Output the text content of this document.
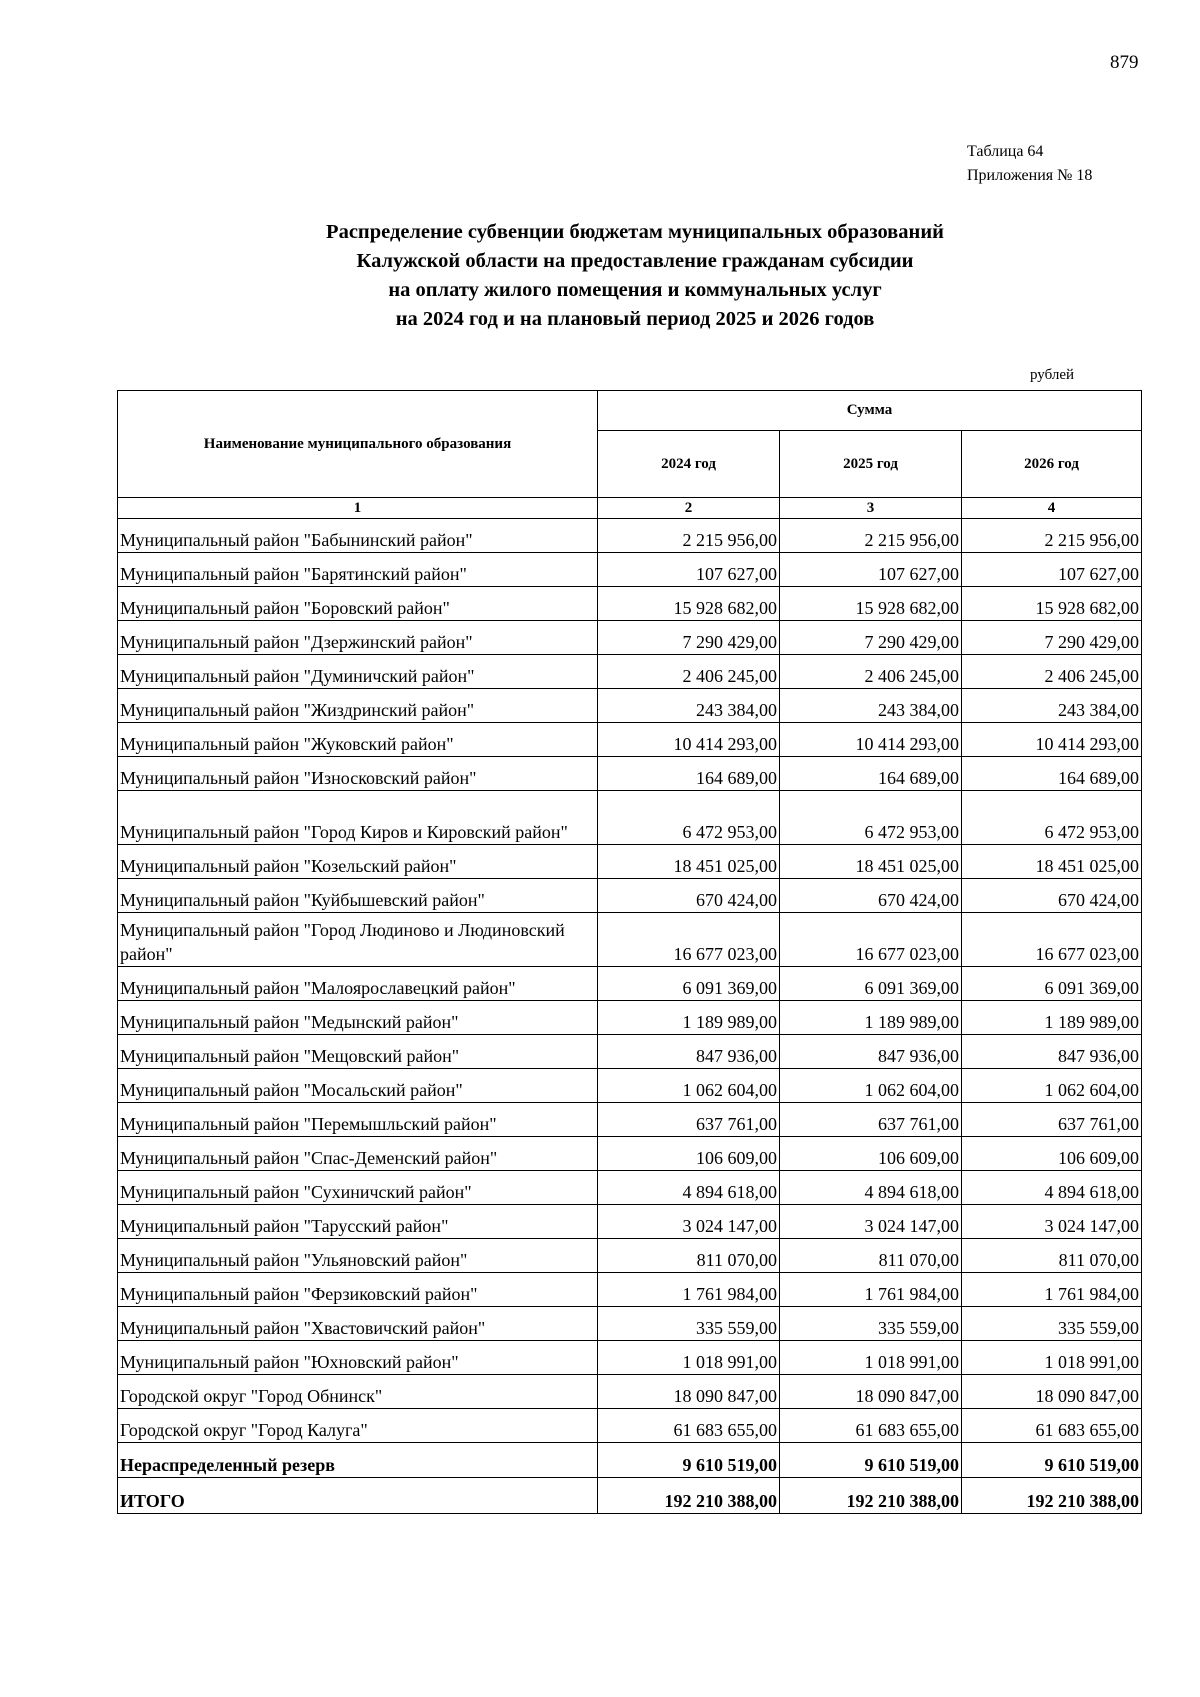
879
Таблица 64
Приложения № 18
Распределение субвенции бюджетам муниципальных образований
Калужской области на предоставление гражданам субсидии
на оплату жилого помещения и коммунальных услуг
на 2024 год и на плановый период 2025 и 2026 годов
рублей
Наименование муниципального образования	Сумма		
	2024 год	2025 год	2026 год
1	2	3	4
Муниципальный район "Бабынинский район"	2 215 956,00	2 215 956,00	2 215 956,00
Муниципальный район "Барятинский район"	107 627,00	107 627,00	107 627,00
Муниципальный район "Боровский район"	15 928 682,00	15 928 682,00	15 928 682,00
Муниципальный район "Дзержинский район"	7 290 429,00	7 290 429,00	7 290 429,00
Муниципальный район "Думиничский район"	2 406 245,00	2 406 245,00	2 406 245,00
Муниципальный район "Жиздринский район"	243 384,00	243 384,00	243 384,00
Муниципальный район "Жуковский район"	10 414 293,00	10 414 293,00	10 414 293,00
Муниципальный район "Износковский район"	164 689,00	164 689,00	164 689,00
Муниципальный район "Город Киров и Кировский район"	6 472 953,00	6 472 953,00	6 472 953,00
Муниципальный район "Козельский район"	18 451 025,00	18 451 025,00	18 451 025,00
Муниципальный район "Куйбышевский район"	670 424,00	670 424,00	670 424,00
Муниципальный район "Город Людиново и Людиновский район"	16 677 023,00	16 677 023,00	16 677 023,00
Муниципальный район "Малоярославецкий район"	6 091 369,00	6 091 369,00	6 091 369,00
Муниципальный район "Медынский район"	1 189 989,00	1 189 989,00	1 189 989,00
Муниципальный район "Мещовский район"	847 936,00	847 936,00	847 936,00
Муниципальный район "Мосальский район"	1 062 604,00	1 062 604,00	1 062 604,00
Муниципальный район "Перемышльский район"	637 761,00	637 761,00	637 761,00
Муниципальный район "Спас-Деменский район"	106 609,00	106 609,00	106 609,00
Муниципальный район "Сухиничский район"	4 894 618,00	4 894 618,00	4 894 618,00
Муниципальный район "Тарусский район"	3 024 147,00	3 024 147,00	3 024 147,00
Муниципальный район "Ульяновский район"	811 070,00	811 070,00	811 070,00
Муниципальный район "Ферзиковский район"	1 761 984,00	1 761 984,00	1 761 984,00
Муниципальный район "Хвастовичский район"	335 559,00	335 559,00	335 559,00
Муниципальный район "Юхновский район"	1 018 991,00	1 018 991,00	1 018 991,00
Городской округ "Город Обнинск"	18 090 847,00	18 090 847,00	18 090 847,00
Городской округ "Город Калуга"	61 683 655,00	61 683 655,00	61 683 655,00
Нераспределенный резерв	9 610 519,00	9 610 519,00	9 610 519,00
ИТОГО	192 210 388,00	192 210 388,00	192 210 388,00
